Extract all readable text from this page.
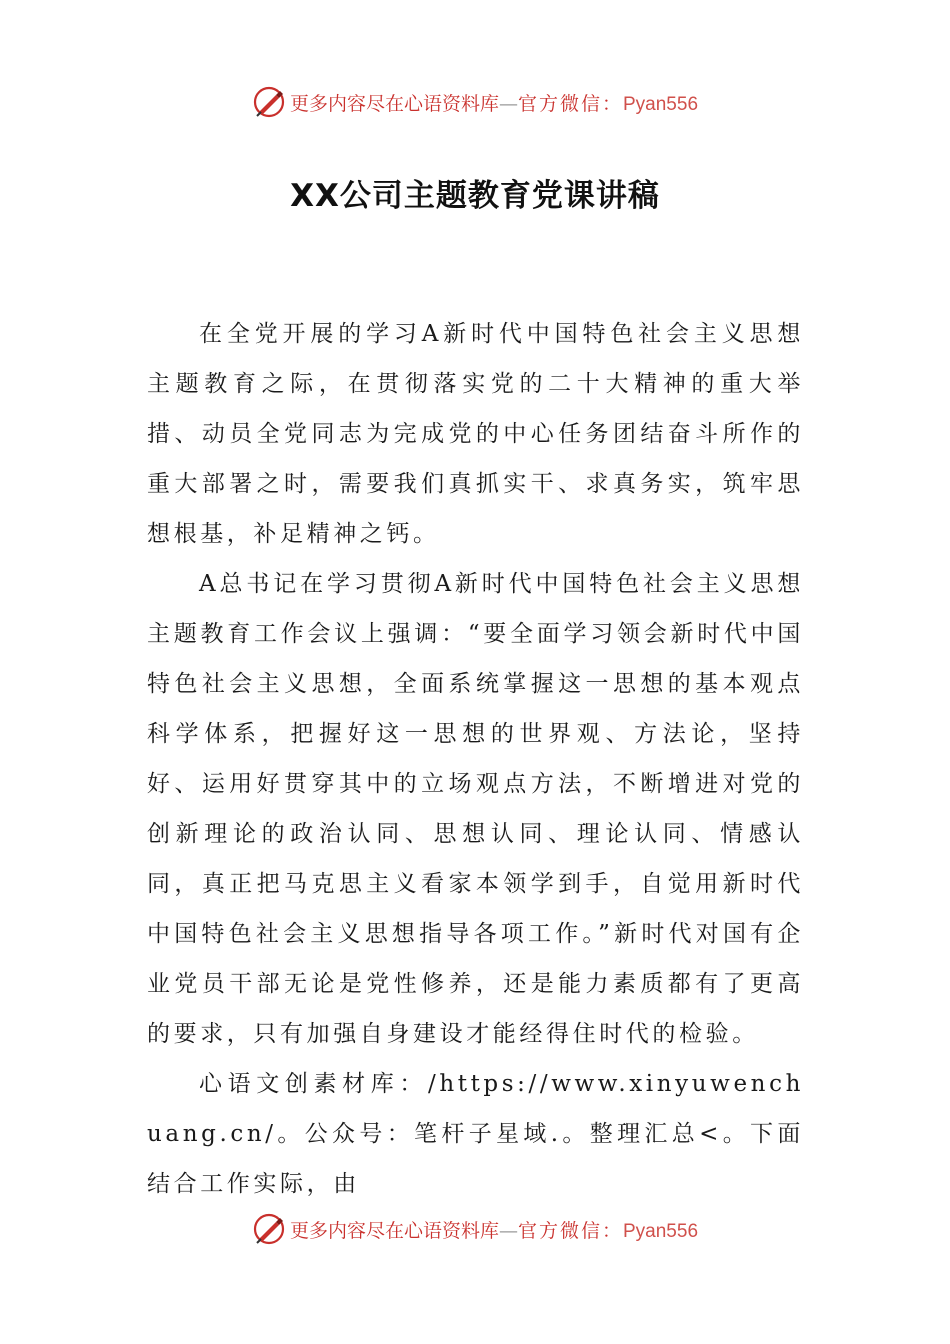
更多内容尽在心语资料库—官方微信：Pyan556
XX公司主题教育党课讲稿

在全党开展的学习A新时代中国特色社会主义思想主题教育之际，在贯彻落实党的二十大精神的重大举措、动员全党同志为完成党的中心任务团结奋斗所作的重大部署之时，需要我们真抓实干、求真务实，筑牢思想根基，补足精神之钙。

A总书记在学习贯彻A新时代中国特色社会主义思想主题教育工作会议上强调：“要全面学习领会新时代中国特色社会主义思想，全面系统掌握这一思想的基本观点科学体系，把握好这一思想的世界观、方法论，坚持好、运用好贯穿其中的立场观点方法，不断增进对党的创新理论的政治认同、思想认同、理论认同、情感认同，真正把马克思主义看家本领学到手，自觉用新时代中国特色社会主义思想指导各项工作。”新时代对国有企业党员干部无论是党性修养，还是能力素质都有了更高的要求，只有加强自身建设才能经得住时代的检验。

心语文创素材库：/https://www.xinyuwenchuang.cn/。公众号：笔杆子星域.。整理汇总<。下面结合工作实际，由

更多内容尽在心语资料库—官方微信：Pyan556
